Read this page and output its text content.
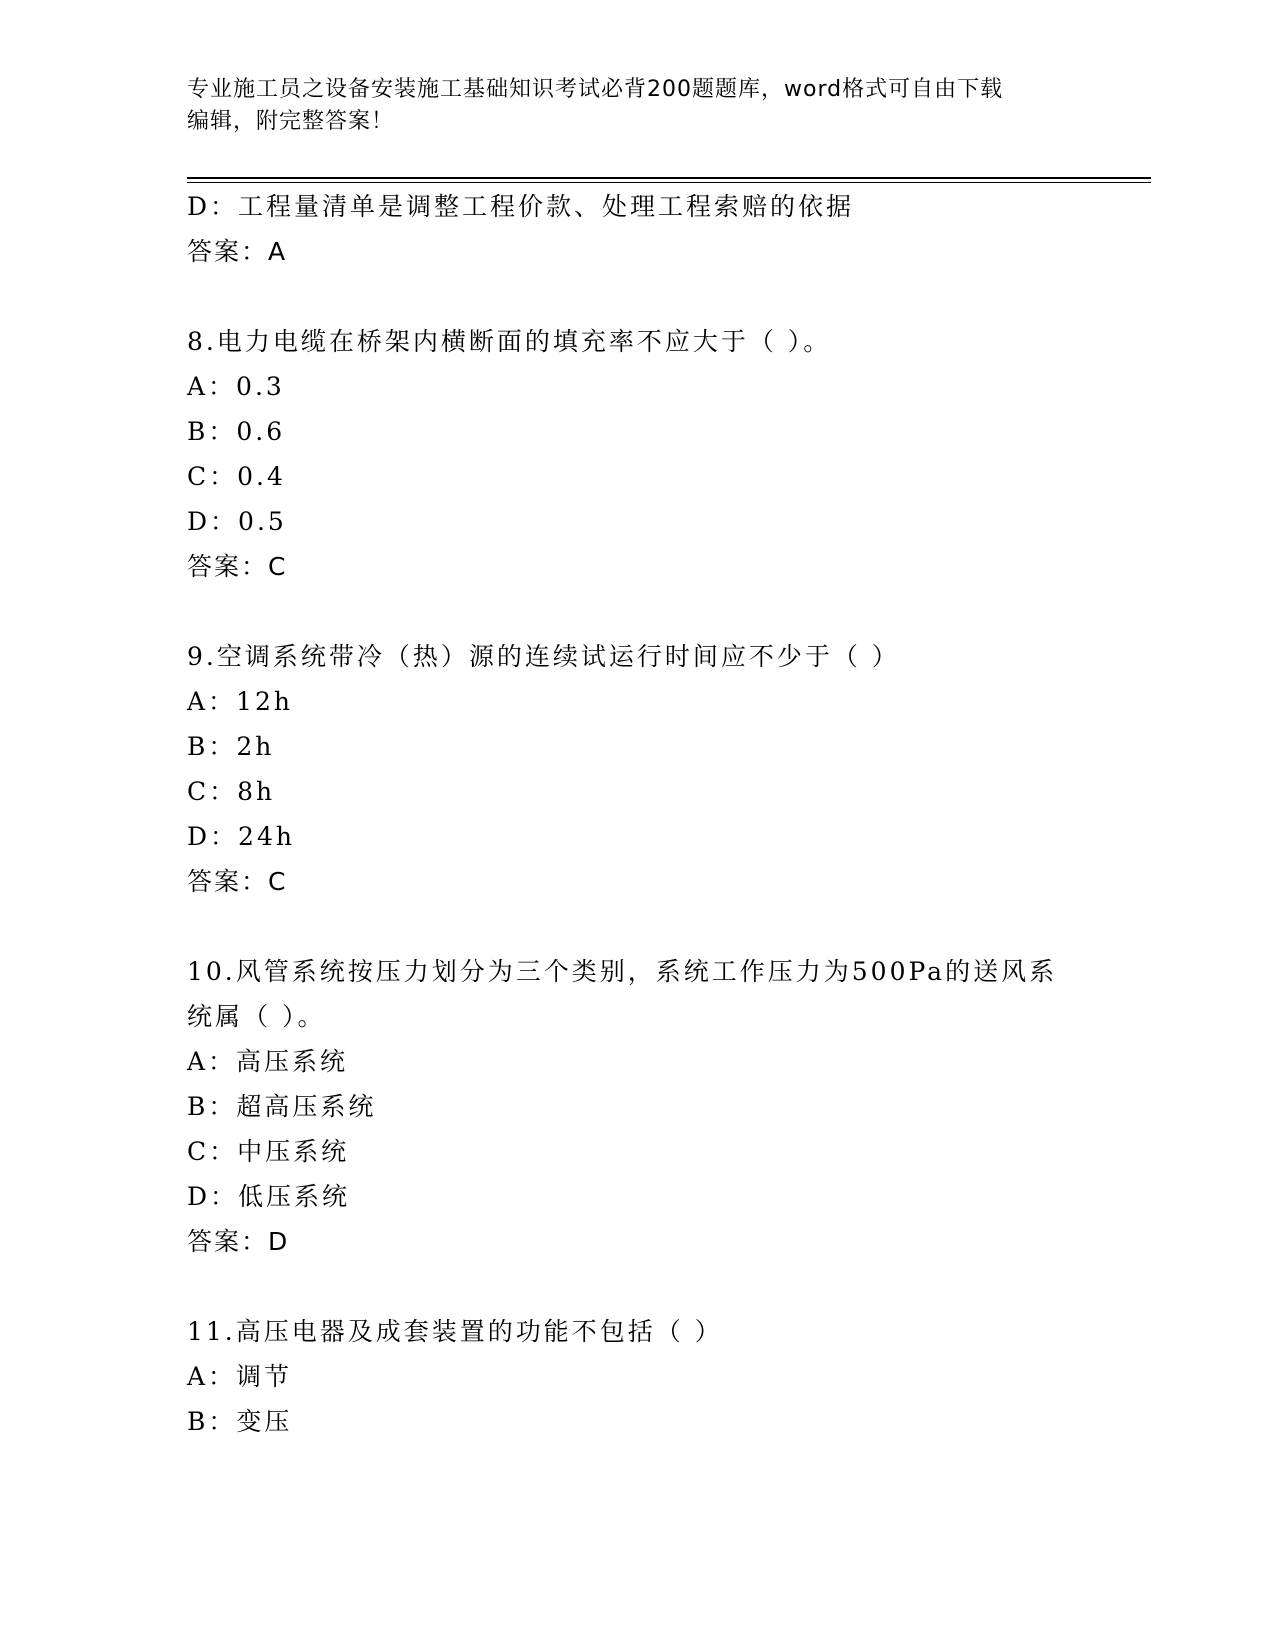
专业施工员之设备安装施工基础知识考试必背200题题库，word格式可自由下载
编辑，附完整答案！
D：工程量清单是调整工程价款、处理工程索赔的依据
答案：A
8.电力电缆在桥架内横断面的填充率不应大于（ ）。
A：0.3
B：0.6
C：0.4
D：0.5
答案：C
9.空调系统带冷（热）源的连续试运行时间应不少于（ ）
A：12h
B：2h
C：8h
D：24h
答案：C
10.风管系统按压力划分为三个类别，系统工作压力为500Pa的送风系
统属（ ）。
A：高压系统
B：超高压系统
C：中压系统
D：低压系统
答案：D
11.高压电器及成套装置的功能不包括（ ）
A：调节
B：变压
